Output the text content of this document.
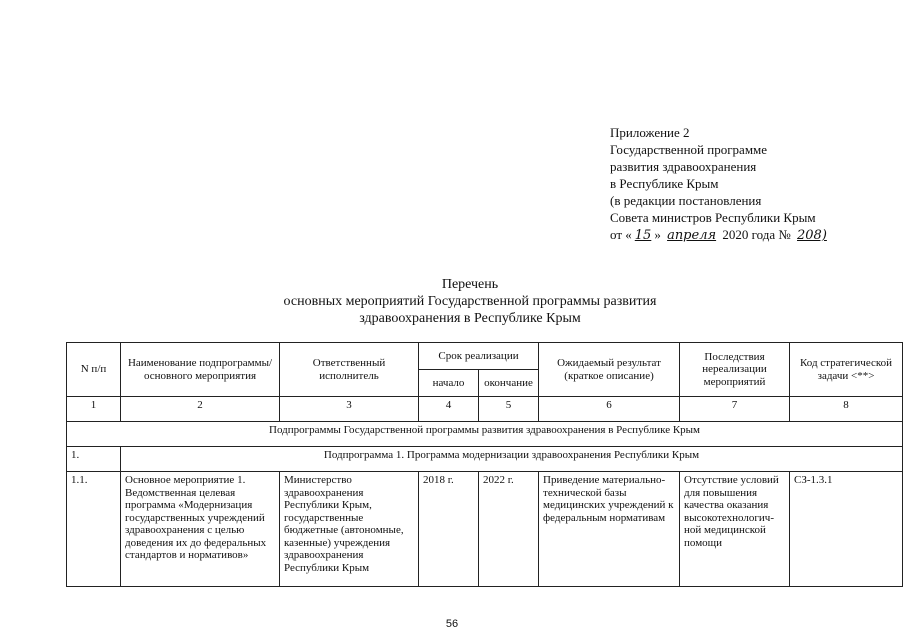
Приложение 2
Государственной программе
развития здравоохранения
в Республике Крым
(в редакции постановления
Совета министров Республики Крым
от « 15 » апреля 2020 года № 208)
Перечень
основных мероприятий Государственной программы развития
здравоохранения в Республике Крым
N п/п	Наименование подпрограммы/основного мероприятия	Ответственный исполнитель	Срок реализации		Ожидаемый результат (краткое описание)	Последствия нереализации мероприятий	Код стратегической задачи <**>
			начало	окончание			
1	2	3	4	5	6	7	8
Подпрограммы Государственной программы развития здравоохранения в Республике Крым							
1.	Подпрограмма 1. Программа модернизации здравоохранения Республики Крым						
1.1.	Основное мероприятие 1. Ведомственная целевая программа «Модернизация государственных учреждений здравоохранения с целью доведения их до федеральных стандартов и нормативов»	Министерство здравоохранения Республики Крым, государственные бюджетные (автономные, казенные) учреждения здравоохранения Республики Крым	2018 г.	2022 г.	Приведение материально-технической базы медицинских учреждений к федеральным нормативам	Отсутствие условий для повышения качества оказания высокотехнологич-ной медицинской помощи	СЗ-1.3.1
56
